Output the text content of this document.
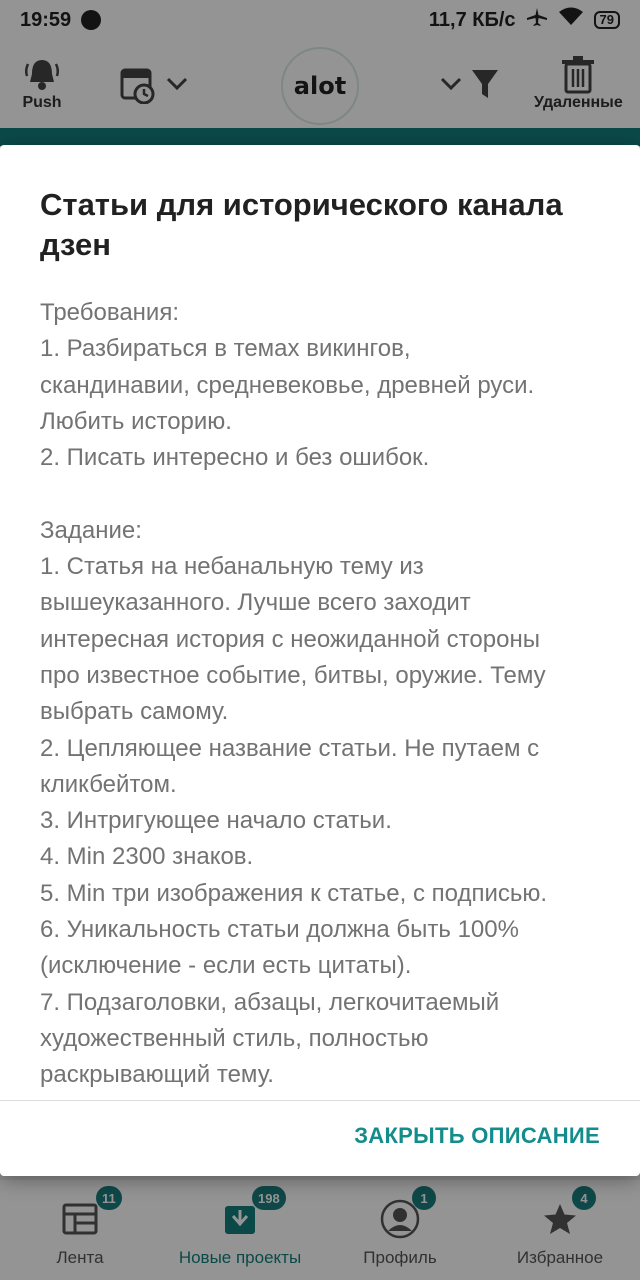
19:59	11,7 КБ/с	79
Push
alot
Удаленные
11
Лента
198
Новые проекты
1
Профиль
4
Избранное
Статьи для исторического канала
дзен
Требования:
1. Разбираться в темах викингов,
скандинавии, средневековье, древней руси.
Любить историю.
2. Писать интересно и без ошибок.
Задание:
1. Статья на небанальную тему из
вышеуказанного. Лучше всего заходит
интересная история с неожиданной стороны
про известное событие, битвы, оружие. Тему
выбрать самому.
2. Цепляющее название статьи. Не путаем с
кликбейтом.
3. Интригующее начало статьи.
4. Min 2300 знаков.
5. Min три изображения к статье, с подписью.
6. Уникальность статьи должна быть 100%
(исключение - если есть цитаты).
7. Подзаголовки, абзацы, легкочитаемый
художественный стиль, полностью
раскрывающий тему.
ЗАКРЫТЬ ОПИСАНИЕ
